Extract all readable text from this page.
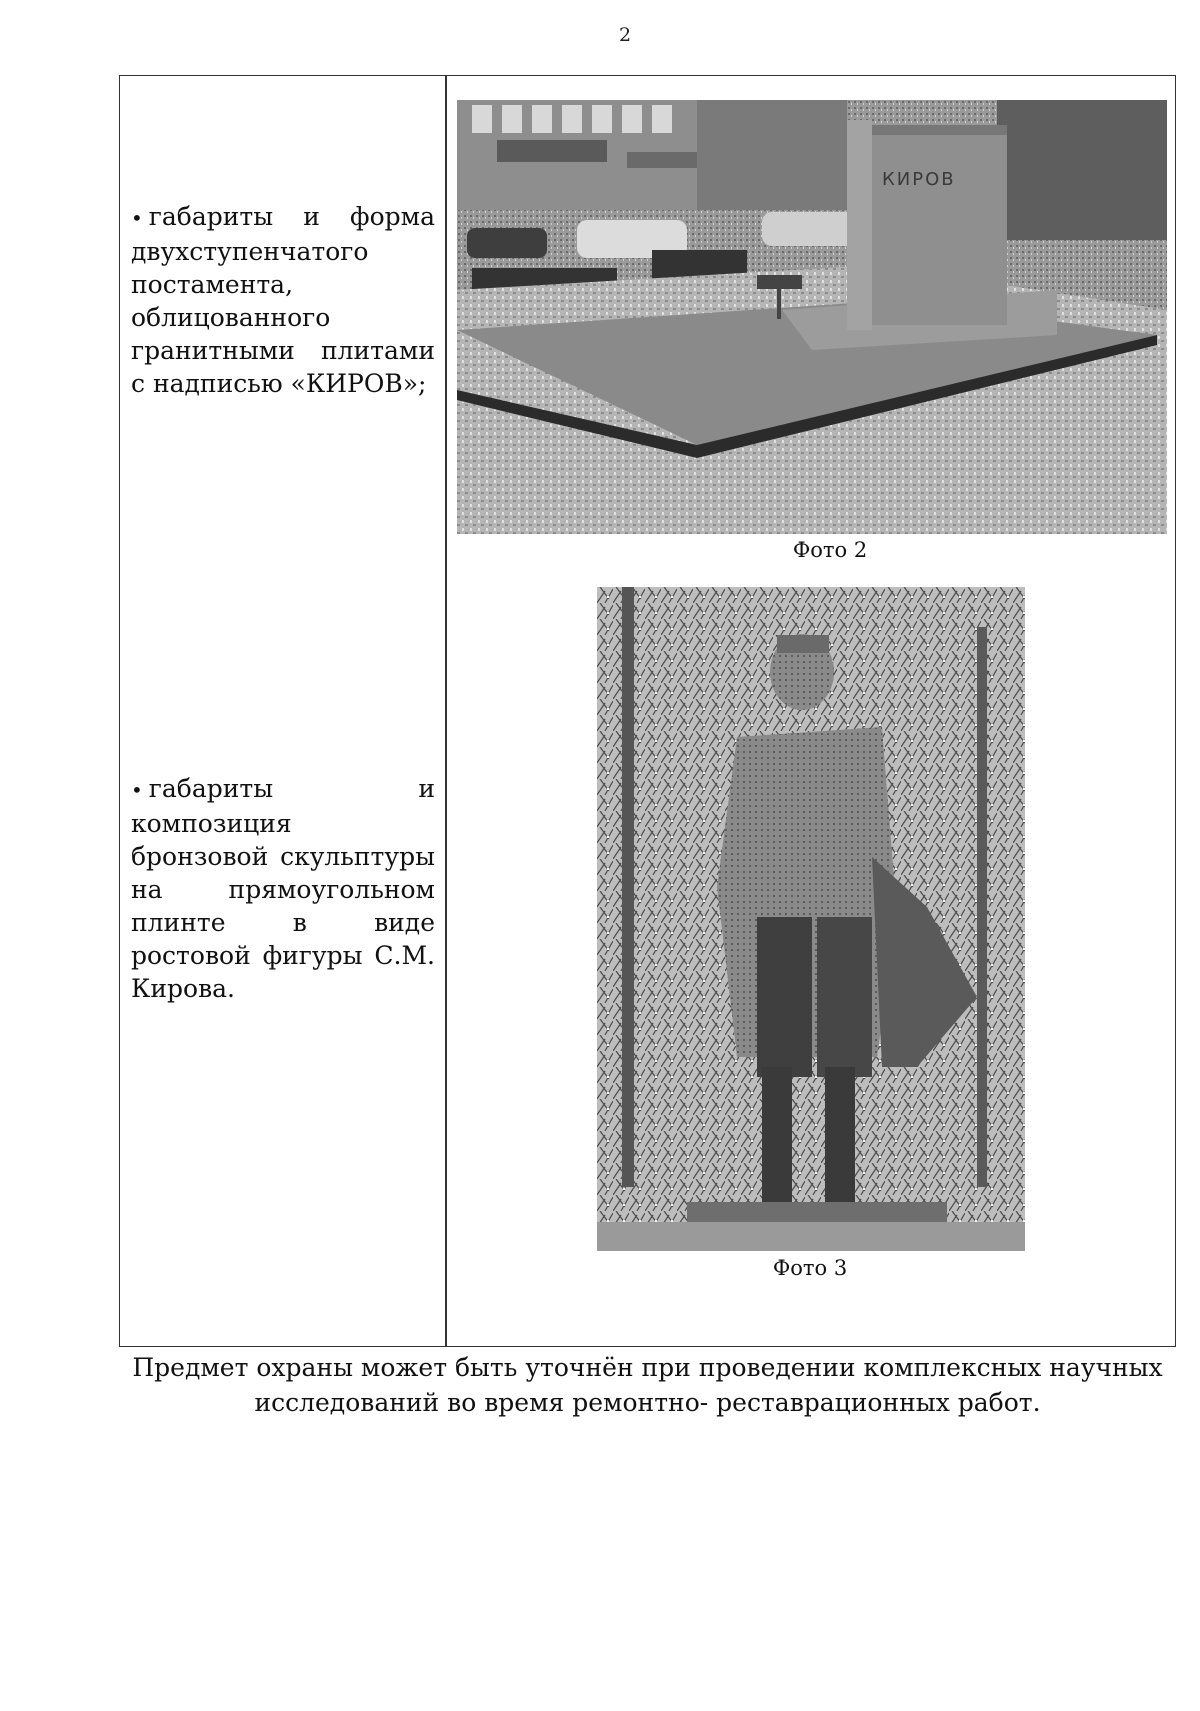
2

• габариты и форма двухступенчатого постамента, облицованного гранитными плитами с надписью «КИРОВ»;

• габариты и композиция бронзовой скульптуры на прямоугольном плинте в виде ростовой фигуры С.М. Кирова.

КИРОВ
Фото 2
Фото 3
Предмет охраны может быть уточнён при проведении комплексных научных исследований во время ремонтно- реставрационных работ.
